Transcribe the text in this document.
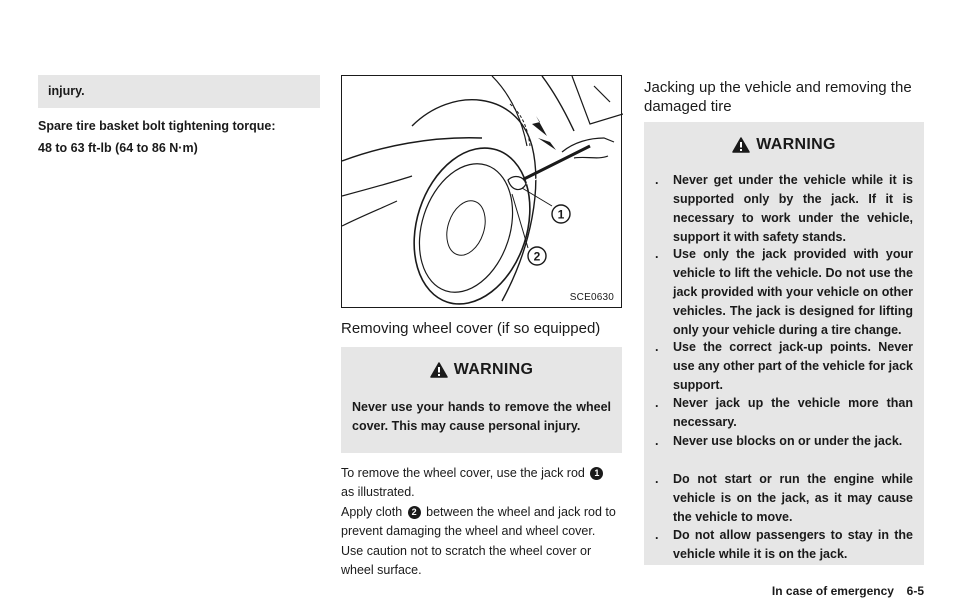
injury.
Spare tire basket bolt tightening torque:
48 to 63 ft-lb (64 to 86 N·m)
1
2
SCE0630
Removing wheel cover (if so equipped)
WARNING
Never use your hands to remove the wheel cover. This may cause personal injury.
To remove the wheel cover, use the jack rod 1 as illustrated.
Apply cloth 2 between the wheel and jack rod to prevent damaging the wheel and wheel cover.
Use caution not to scratch the wheel cover or wheel surface.
Jacking up the vehicle and removing the
damaged tire
WARNING
.	Never get under the vehicle while it is supported only by the jack. If it is necessary to work under the vehicle, support it with safety stands.
.	Use only the jack provided with your vehicle to lift the vehicle. Do not use the jack provided with your vehicle on other vehicles. The jack is designed for lifting only your vehicle during a tire change.
.	Use the correct jack-up points. Never use any other part of the vehicle for jack support.
.	Never jack up the vehicle more than necessary.
.	Never use blocks on or under the jack.
.	Do not start or run the engine while vehicle is on the jack, as it may cause the vehicle to move.
.	Do not allow passengers to stay in the vehicle while it is on the jack.
In case of emergency 6-5
